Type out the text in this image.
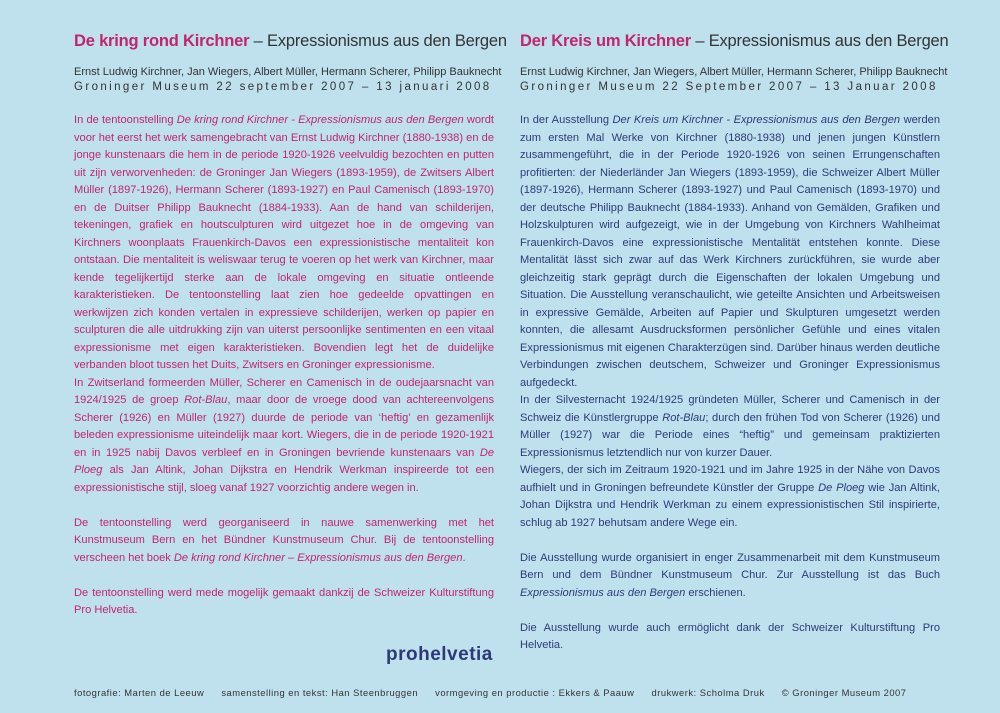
De kring rond Kirchner – Expressionismus aus den Bergen
Ernst Ludwig Kirchner, Jan Wiegers, Albert Müller, Hermann Scherer, Philipp Bauknecht
Groninger Museum 22 september 2007 – 13 januari 2008

In de tentoonstelling De kring rond Kirchner - Expressionismus aus den Bergen wordt voor het eerst het werk samengebracht van Ernst Ludwig Kirchner (1880-1938) en de jonge kunstenaars die hem in de periode 1920-1926 veelvuldig bezochten en putten uit zijn verworvenheden: de Groninger Jan Wiegers (1893-1959), de Zwitsers Albert Müller (1897-1926), Hermann Scherer (1893-1927) en Paul Camenisch (1893-1970) en de Duitser Philipp Bauknecht (1884-1933). Aan de hand van schilderijen, tekeningen, grafiek en houtsculpturen wird uitgezet hoe in de omgeving van Kirchners woonplaats Frauenkirch-Davos een expressionistische mentaliteit kon ontstaan. Die mentaliteit is weliswaar terug te voeren op het werk van Kirchner, maar kende tegelijkertijd sterke aan de lokale omgeving en situatie ontleende karakteristieken. De tentoonstelling laat zien hoe gedeelde opvattingen en werkwijzen zich konden vertalen in expressieve schilderijen, werken op papier en sculpturen die alle uitdrukking zijn van uiterst persoonlijke sentimenten en een vitaal expressionisme met eigen karakteristieken. Bovendien legt het de duidelijke verbanden bloot tussen het Duits, Zwitsers en Groninger expressionisme.

In Zwitserland formeerden Müller, Scherer en Camenisch in de oudejaarsnacht van 1924/1925 de groep Rot-Blau, maar door de vroege dood van achtereenvolgens Scherer (1926) en Müller (1927) duurde de periode van ‘heftig’ en gezamenlijk beleden expressionisme uiteindelijk maar kort. Wiegers, die in de periode 1920-1921 en in 1925 nabij Davos verbleef en in Groningen bevriende kunstenaars van De Ploeg als Jan Altink, Johan Dijkstra en Hendrik Werkman inspireerde tot een expressionistische stijl, sloeg vanaf 1927 voorzichtig andere wegen in.

De tentoonstelling werd georganiseerd in nauwe samenwerking met het Kunstmuseum Bern en het Bündner Kunstmuseum Chur. Bij de tentoonstelling verscheen het boek De kring rond Kirchner – Expressionismus aus den Bergen.

De tentoonstelling werd mede mogelijk gemaakt dankzij de Schweizer Kulturstiftung Pro Helvetia.

Der Kreis um Kirchner – Expressionismus aus den Bergen
Ernst Ludwig Kirchner, Jan Wiegers, Albert Müller, Hermann Scherer, Philipp Bauknecht
Groninger Museum 22 September 2007 – 13 Januar 2008

In der Ausstellung Der Kreis um Kirchner - Expressionismus aus den Bergen werden zum ersten Mal Werke von Kirchner (1880-1938) und jenen jungen Künstlern zusammengeführt, die in der Periode 1920-1926 von seinen Errungenschaften profitierten: der Niederländer Jan Wiegers (1893-1959), die Schweizer Albert Müller (1897-1926), Hermann Scherer (1893-1927) und Paul Camenisch (1893-1970) und der deutsche Philipp Bauknecht (1884-1933). Anhand von Gemälden, Grafiken und Holzskulpturen wird aufgezeigt, wie in der Umgebung von Kirchners Wahlheimat Frauenkirch-Davos eine expressionistische Mentalität entstehen konnte. Diese Mentalität lässt sich zwar auf das Werk Kirchners zurückführen, sie wurde aber gleichzeitig stark geprägt durch die Eigenschaften der lokalen Umgebung und Situation. Die Ausstellung veranschaulicht, wie geteilte Ansichten und Arbeitsweisen in expressive Gemälde, Arbeiten auf Papier und Skulpturen umgesetzt werden konnten, die allesamt Ausdrucksformen persönlicher Gefühle und eines vitalen Expressionismus mit eigenen Charakterzügen sind. Darüber hinaus werden deutliche Verbindungen zwischen deutschem, Schweizer und Groninger Expressionismus aufgedeckt.

In der Silvesternacht 1924/1925 gründeten Müller, Scherer und Camenisch in der Schweiz die Künstlergruppe Rot-Blau; durch den frühen Tod von Scherer (1926) und Müller (1927) war die Periode eines “heftig” und gemeinsam praktizierten Expressionismus letztendlich nur von kurzer Dauer.

Wiegers, der sich im Zeitraum 1920-1921 und im Jahre 1925 in der Nähe von Davos aufhielt und in Groningen befreundete Künstler der Gruppe De Ploeg wie Jan Altink, Johan Dijkstra und Hendrik Werkman zu einem expressionistischen Stil inspirierte, schlug ab 1927 behutsam andere Wege ein.

Die Ausstellung wurde organisiert in enger Zusammenarbeit mit dem Kunstmuseum Bern und dem Bündner Kunstmuseum Chur. Zur Ausstellung ist das Buch Expressionismus aus den Bergen erschienen.

Die Ausstellung wurde auch ermöglicht dank der Schweizer Kulturstiftung Pro Helvetia.

prohelvetia
fotografie: Marten de Leeuw samenstelling en tekst: Han Steenbruggen vormgeving en productie : Ekkers & Paauw drukwerk: Scholma Druk © Groninger Museum 2007
